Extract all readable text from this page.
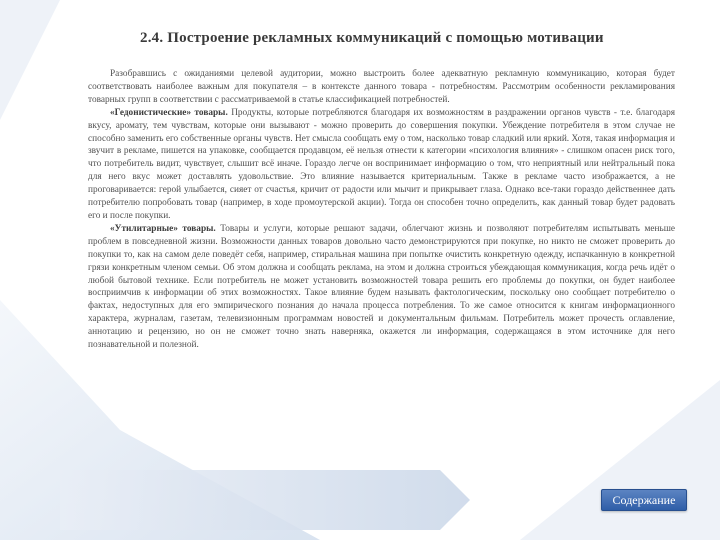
2.4. Построение рекламных коммуникаций с помощью мотивации

Разобравшись с ожиданиями целевой аудитории, можно выстроить более адекватную рекламную коммуникацию, которая будет соответствовать наиболее важным для покупателя – в контексте данного товара - потребностям. Рассмотрим особенности рекламирования товарных групп в соответствии с рассматриваемой в статье классификацией потребностей.

«Гедонистические» товары. Продукты, которые потребляются благодаря их возможностям в раздражении органов чувств - т.е. благодаря вкусу, аромату, тем чувствам, которые они вызывают - можно проверить до совершения покупки. Убеждение потребителя в этом случае не способно заменить его собственные органы чувств. Нет смысла сообщать ему о том, насколько товар сладкий или яркий. Хотя, такая информация и звучит в рекламе, пишется на упаковке, сообщается продавцом, её нельзя отнести к категории «психология влияния» - слишком опасен риск того, что потребитель видит, чувствует, слышит всё иначе. Гораздо легче он воспринимает информацию о том, что неприятный или нейтральный пока для него вкус может доставлять удовольствие. Это влияние называется критериальным. Также в рекламе часто изображается, а не проговаривается: герой улыбается, сияет от счастья, кричит от радости или мычит и прикрывает глаза. Однако все-таки гораздо действеннее дать потребителю попробовать товар (например, в ходе промоутерской акции). Тогда он способен точно определить, как данный товар будет радовать его и после покупки.

«Утилитарные» товары. Товары и услуги, которые решают задачи, облегчают жизнь и позволяют потребителям испытывать меньше проблем в повседневной жизни. Возможности данных товаров довольно часто демонстрируются при покупке, но никто не сможет проверить до покупки то, как на самом деле поведёт себя, например, стиральная машина при попытке очистить конкретную одежду, испачканную в конкретной грязи конкретным членом семьи. Об этом должна и сообщать реклама, на этом и должна строиться убеждающая коммуникация, когда речь идёт о любой бытовой технике. Если потребитель не может установить возможностей товара решить его проблемы до покупки, он будет наиболее восприимчив к информации об этих возможностях. Такое влияние будем называть фактологическим, поскольку оно сообщает потребителю о фактах, недоступных для его эмпирического познания до начала процесса потребления. То же самое относится к книгам информационного характера, журналам, газетам, телевизионным программам новостей и документальным фильмам. Потребитель может прочесть оглавление, аннотацию и рецензию, но он не сможет точно знать наверняка, окажется ли информация, содержащаяся в этом источнике для него познавательной и полезной.

Содержание
